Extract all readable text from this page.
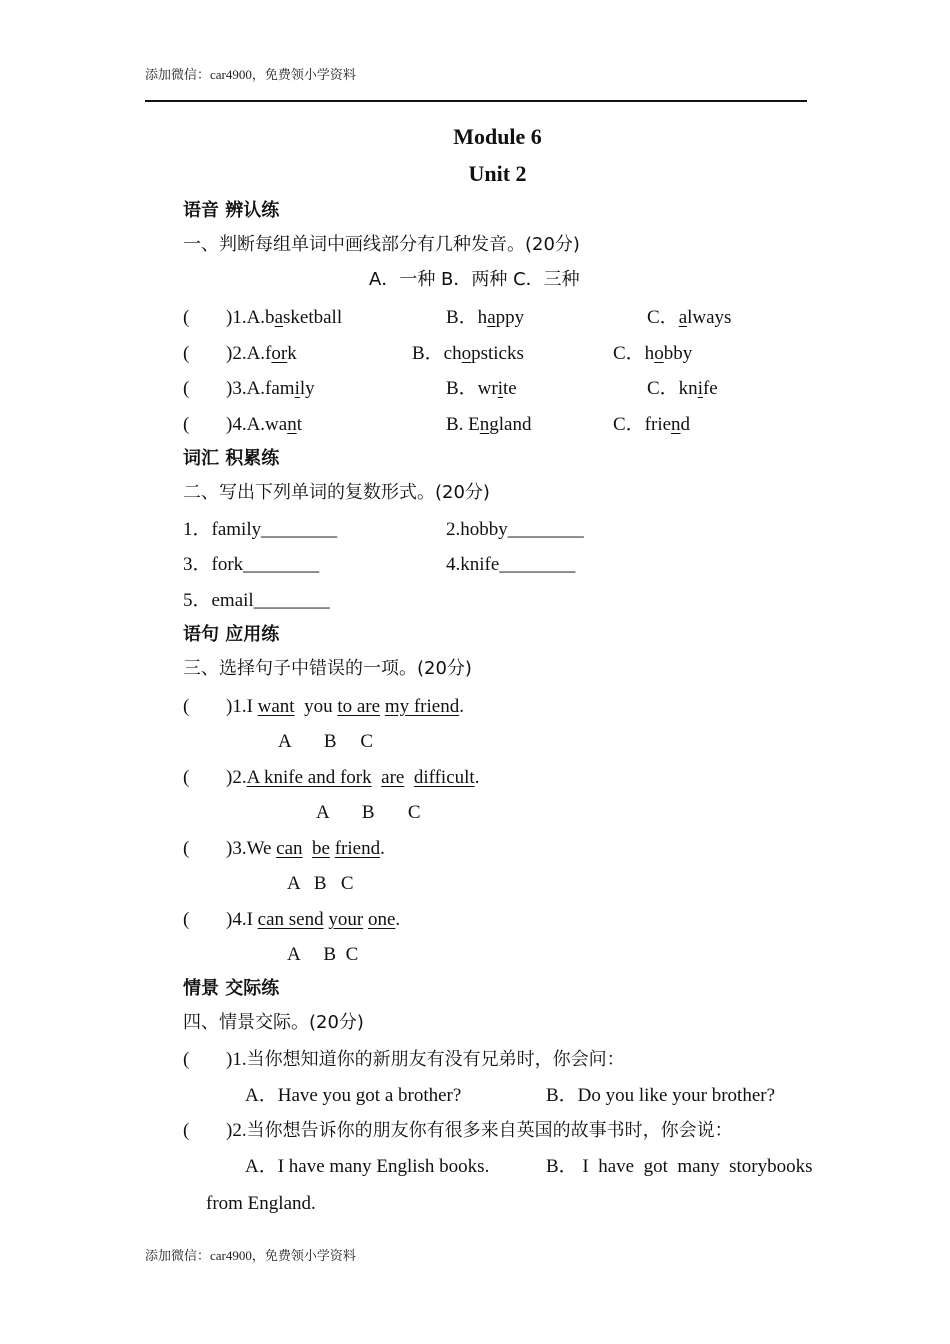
添加微信：car4900，免费领小学资料
Module 6
Unit 2
语音 辨认练
一、判断每组单词中画线部分有几种发音。(20分)
A．一种 B．两种 C．三种
( )1.A.basketball	B．happy	C．always
( )2.A.fork	B．chopsticks	C．hobby
( )3.A.family	B．write	C．knife
( )4.A.want	B. England	C．friend
词汇 积累练
二、写出下列单词的复数形式。(20分)
1．family________	2.hobby________
3．fork________	4.knife________
5．email________
语句 应用练
三、选择句子中错误的一项。(20分)
( )1.I want  you to are my friend.
A       B     C
( )2.A knife and fork are difficult.
A       B       C
( )3.We can be friend.
A   B   C
( )4.I can send your one.
A     B  C
情景 交际练
四、情景交际。(20分)
( )1.当你想知道你的新朋友有没有兄弟时，你会问：
A．Have you got a brother?	B．Do you like your brother?
( )2.当你想告诉你的朋友你有很多来自英国的故事书时，你会说：
A．I have many English books.	B． I  have  got  many  storybooks
from England.
添加微信：car4900，免费领小学资料
